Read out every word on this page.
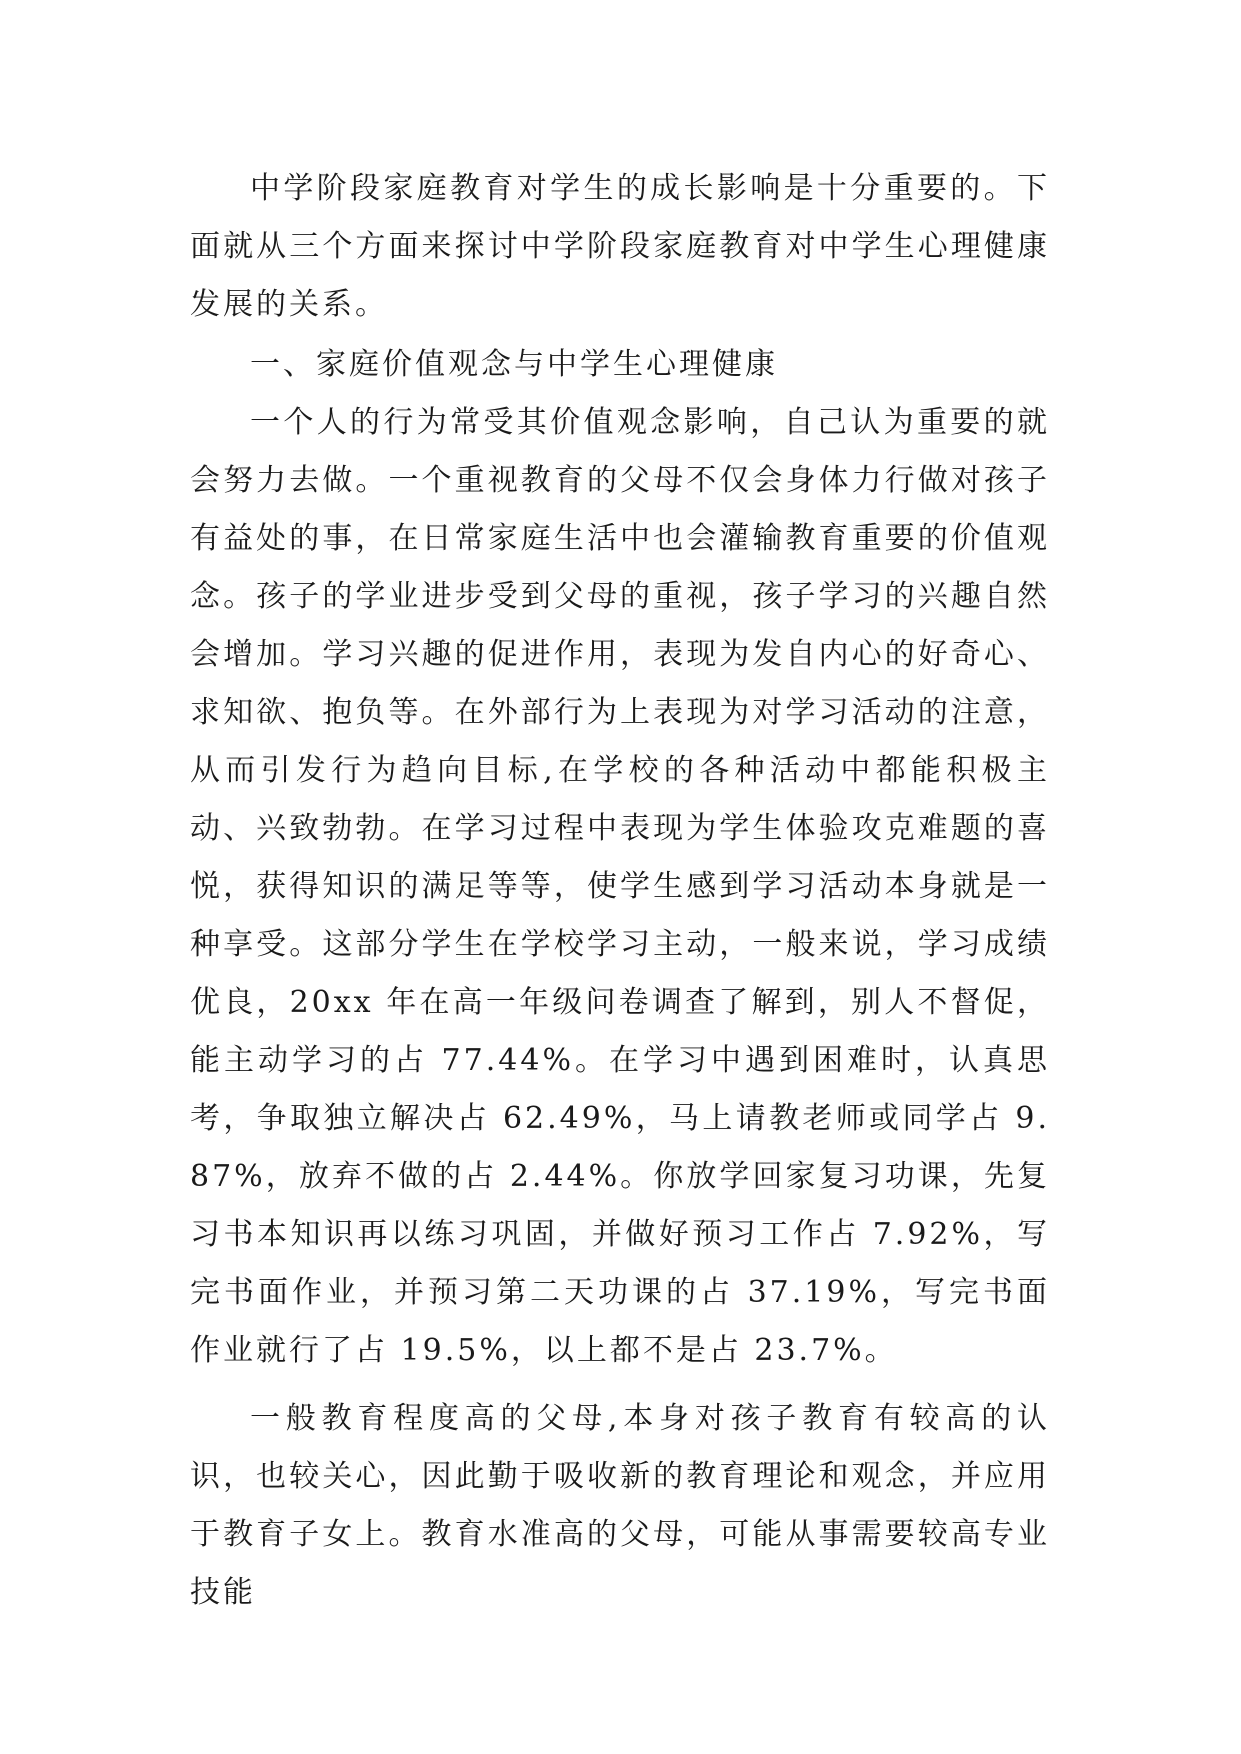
中学阶段家庭教育对学生的成长影响是十分重要的。下面就从三个方面来探讨中学阶段家庭教育对中学生心理健康发展的关系。

一、家庭价值观念与中学生心理健康

一个人的行为常受其价值观念影响，自己认为重要的就会努力去做。一个重视教育的父母不仅会身体力行做对孩子有益处的事，在日常家庭生活中也会灌输教育重要的价值观念。孩子的学业进步受到父母的重视，孩子学习的兴趣自然会增加。学习兴趣的促进作用，表现为发自内心的好奇心、求知欲、抱负等。在外部行为上表现为对学习活动的注意，从而引发行为趋向目标,在学校的各种活动中都能积极主动、兴致勃勃。在学习过程中表现为学生体验攻克难题的喜悦，获得知识的满足等等，使学生感到学习活动本身就是一种享受。这部分学生在学校学习主动，一般来说，学习成绩优良，20xx 年在高一年级问卷调查了解到，别人不督促，能主动学习的占 77.44%。在学习中遇到困难时，认真思考，争取独立解决占 62.49%，马上请教老师或同学占 9.87%，放弃不做的占 2.44%。你放学回家复习功课，先复习书本知识再以练习巩固，并做好预习工作占 7.92%，写完书面作业，并预习第二天功课的占 37.19%，写完书面作业就行了占 19.5%，以上都不是占 23.7%。

一般教育程度高的父母,本身对孩子教育有较高的认识，也较关心，因此勤于吸收新的教育理论和观念，并应用于教育子女上。教育水准高的父母，可能从事需要较高专业技能
